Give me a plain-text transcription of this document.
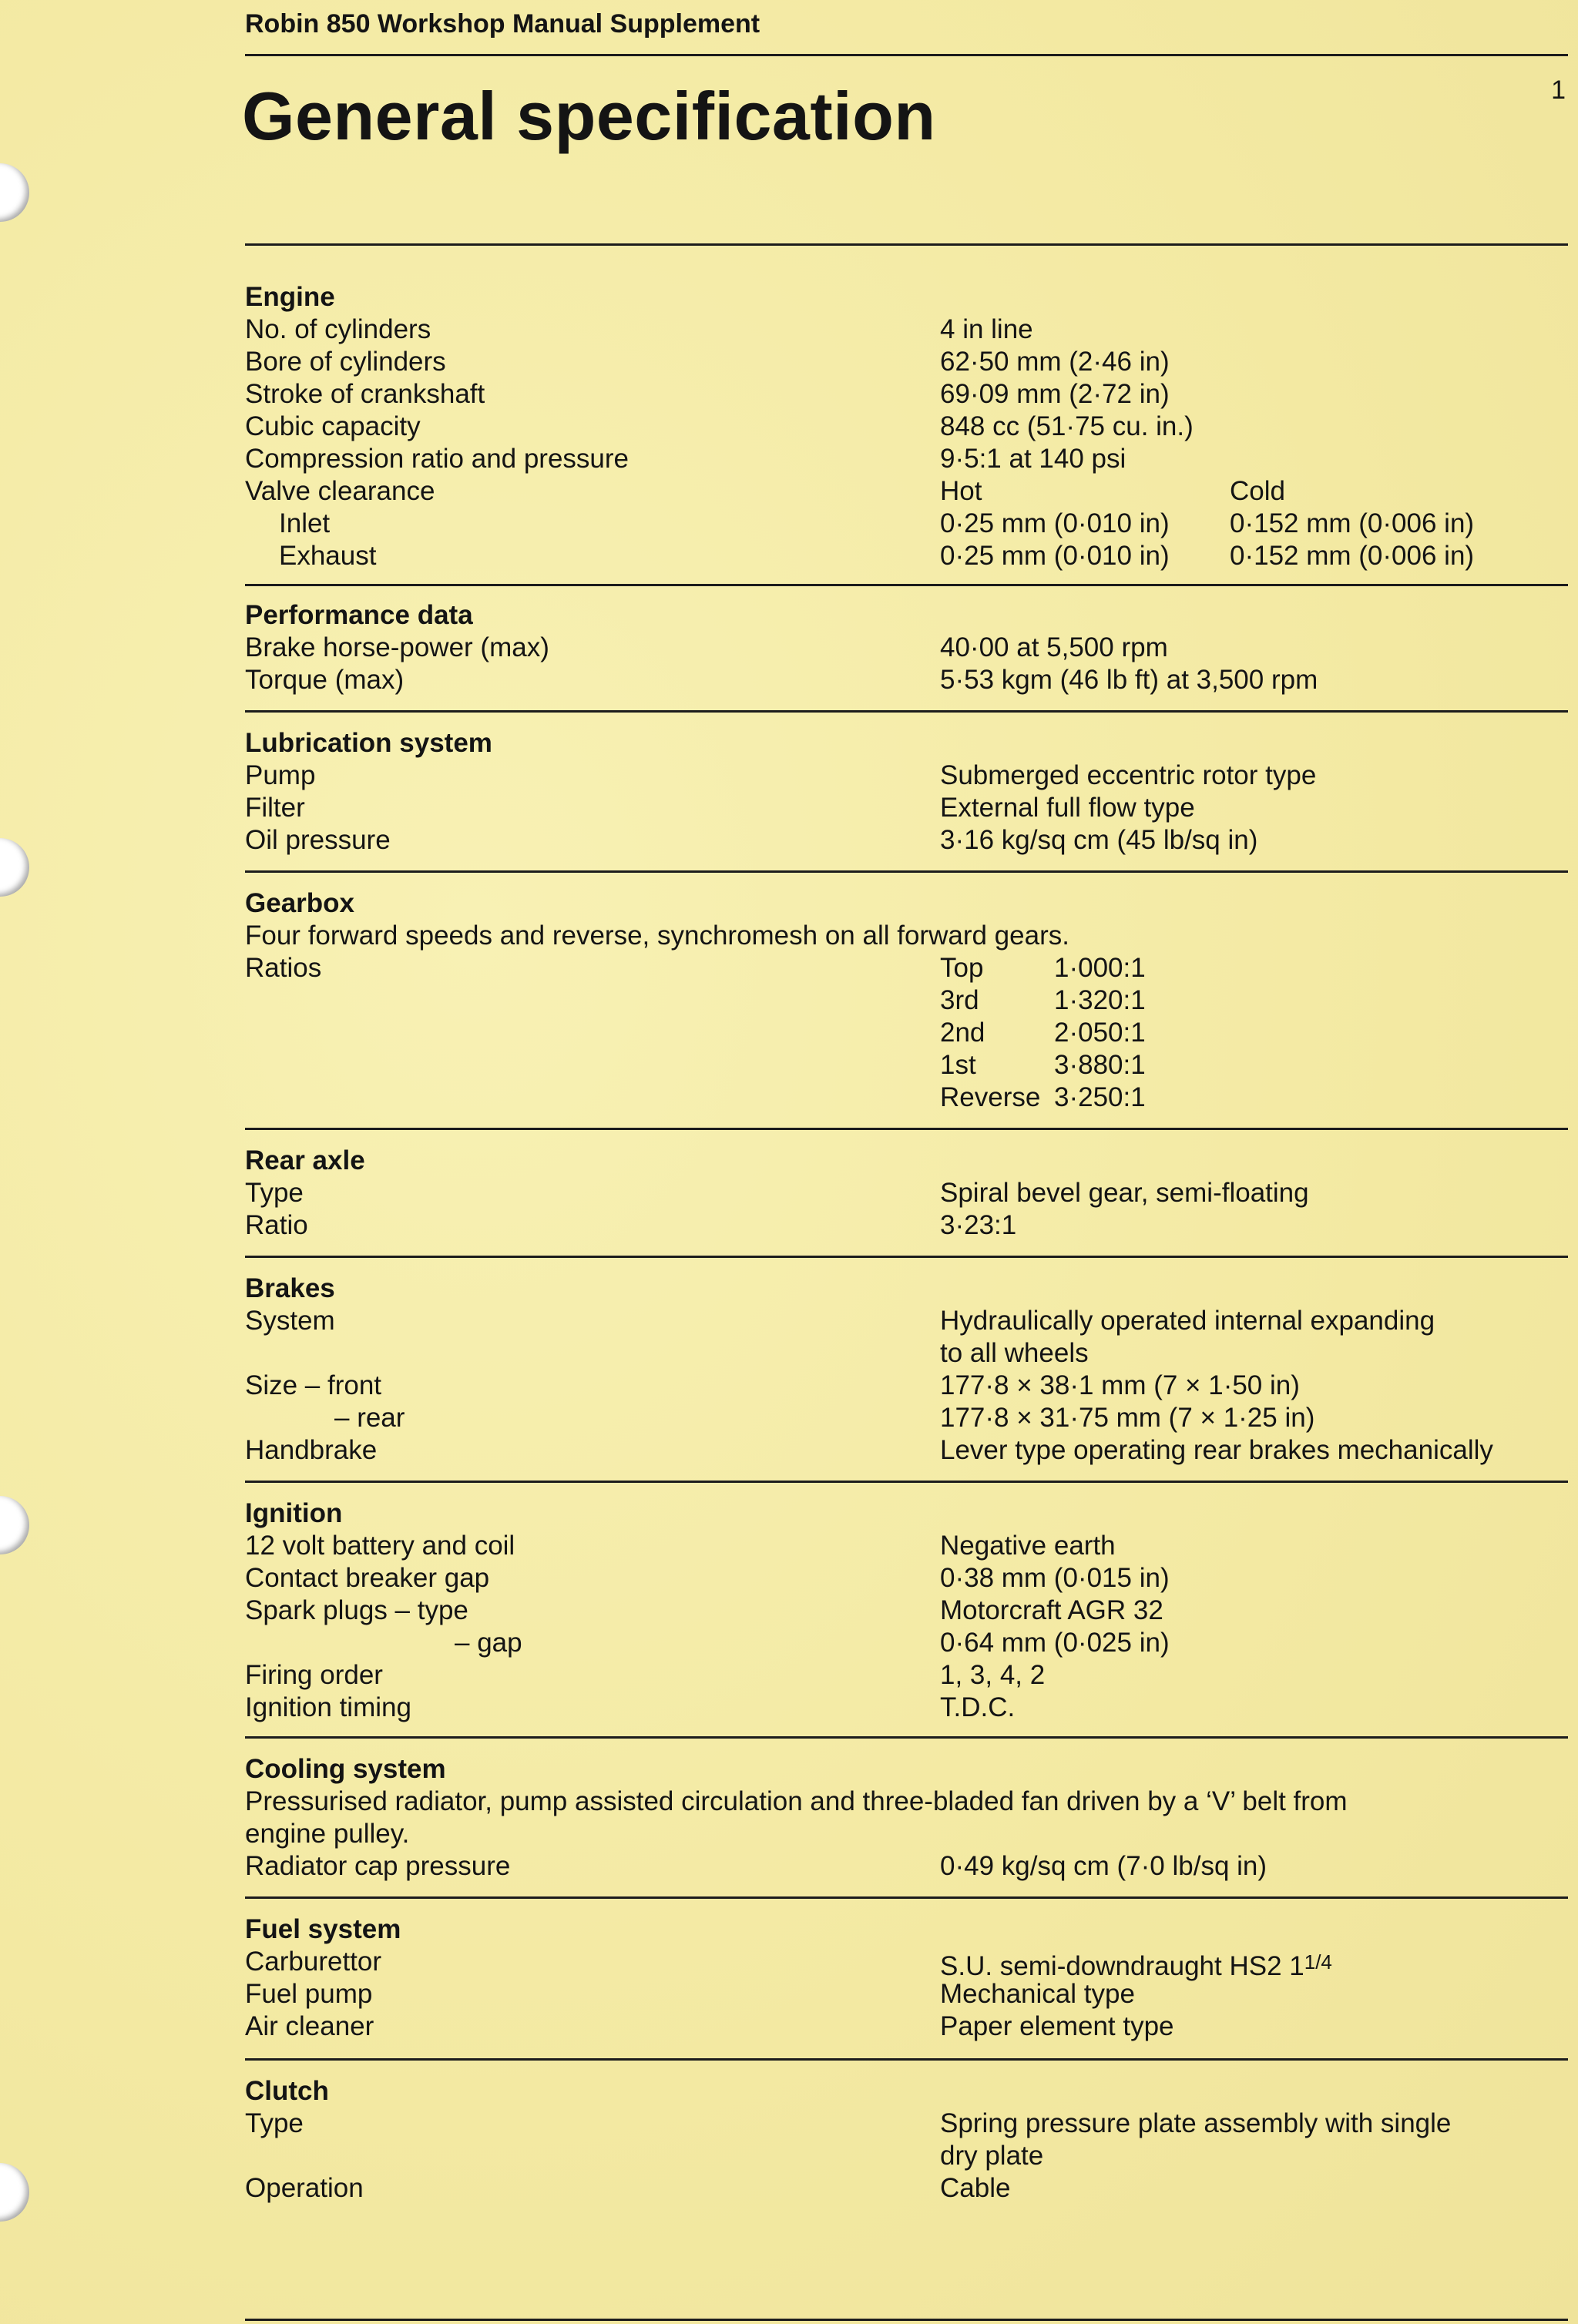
Robin 850 Workshop Manual Supplement
1
General specification
Engine
No. of cylinders	4 in line
Bore of cylinders	62·50 mm (2·46 in)
Stroke of crankshaft	69·09 mm (2·72 in)
Cubic capacity	848 cc (51·75 cu. in.)
Compression ratio and pressure	9·5:1 at 140 psi
Valve clearance	Hot	Cold
Inlet	0·25 mm (0·010 in) 0·152 mm (0·006 in)
Exhaust	0·25 mm (0·010 in) 0·152 mm (0·006 in)
Performance data
Brake horse-power (max)	40·00 at 5,500 rpm
Torque (max)	5·53 kgm (46 lb ft) at 3,500 rpm
Lubrication system
Pump	Submerged eccentric rotor type
Filter	External full flow type
Oil pressure	3·16 kg/sq cm (45 lb/sq in)
Gearbox
Four forward speeds and reverse, synchromesh on all forward gears.
Ratios	Top	1·000:1
3rd	1·320:1
2nd	2·050:1
1st	3·880:1
Reverse 3·250:1
Rear axle
Type	Spiral bevel gear, semi-floating
Ratio	3·23:1
Brakes
System	Hydraulically operated internal expanding
to all wheels
Size – front	177·8 × 38·1 mm (7 × 1·50 in)
– rear	177·8 × 31·75 mm (7 × 1·25 in)
Handbrake	Lever type operating rear brakes mechanically
Ignition
12 volt battery and coil	Negative earth
Contact breaker gap	0·38 mm (0·015 in)
Spark plugs – type	Motorcraft AGR 32
– gap	0·64 mm (0·025 in)
Firing order	1, 3, 4, 2
Ignition timing	T.D.C.
Cooling system
Pressurised radiator, pump assisted circulation and three-bladed fan driven by a ‘V’ belt from
engine pulley.
Radiator cap pressure	0·49 kg/sq cm (7·0 lb/sq in)
Fuel system
Carburettor	S.U. semi-downdraught HS2 $1^{1/4}$
Fuel pump	Mechanical type
Air cleaner	Paper element type
Clutch
Type	Spring pressure plate assembly with single
dry plate
Operation	Cable
